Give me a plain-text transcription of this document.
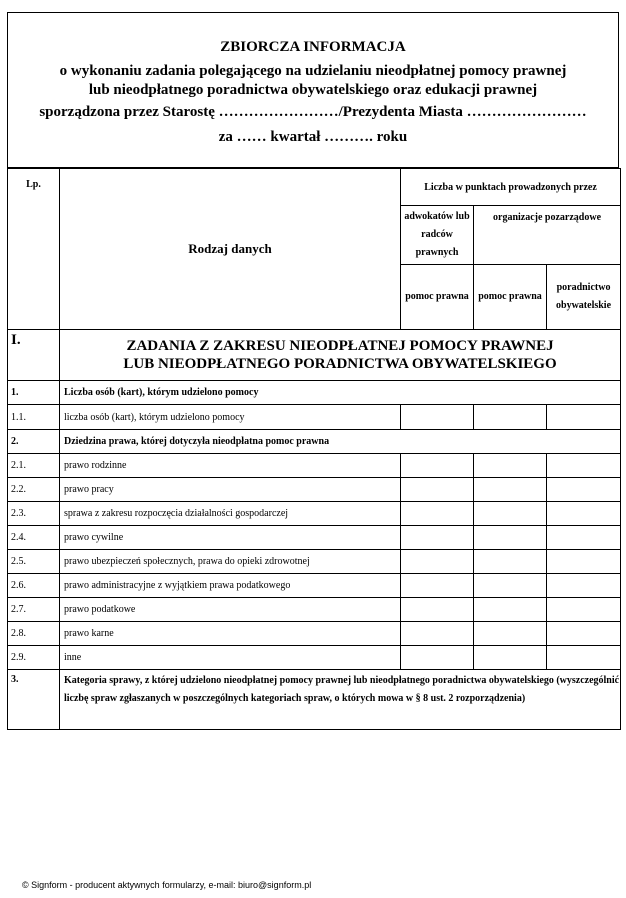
ZBIORCZA INFORMACJA
o wykonaniu zadania polegającego na udzielaniu nieodpłatnej pomocy prawnej
lub nieodpłatnego poradnictwa obywatelskiego oraz edukacji prawnej
sporządzona przez Starostę ……………………/Prezydenta Miasta ……………………
za …… kwartał ………. roku
Lp.	Rodzaj danych	Liczba w punktach prowadzonych przez		
		adwokatów lub radców prawnych	organizacje pozarządowe	
		pomoc prawna	pomoc prawna	poradnictwo obywatelskie
I.	ZADANIA Z ZAKRESU NIEODPŁATNEJ POMOCY PRAWNEJ
LUB NIEODPŁATNEGO PORADNICTWA OBYWATELSKIEGO			

1.	Liczba osób (kart), którym udzielono pomocy			
1.1.	liczba osób (kart), którym udzielono pomocy			
2.	Dziedzina prawa, której dotyczyła nieodpłatna pomoc prawna			
2.1.	prawo rodzinne			
2.2.	prawo pracy			
2.3.	sprawa z zakresu rozpoczęcia działalności gospodarczej			
2.4.	prawo cywilne			
2.5.	prawo ubezpieczeń społecznych, prawa do opieki zdrowotnej			
2.6.	prawo administracyjne z wyjątkiem prawa podatkowego			
2.7.	prawo podatkowe			
2.8.	prawo karne			
2.9.	inne			
3.	Kategoria sprawy, z której udzielono nieodpłatnej pomocy prawnej lub nieodpłatnego poradnictwa obywatelskiego (wyszczególnić liczbę spraw zgłaszanych w poszczególnych kategoriach spraw, o których mowa w § 8 ust. 2 rozporządzenia)			
© Signform - producent aktywnych formularzy, e-mail: biuro@signform.pl
